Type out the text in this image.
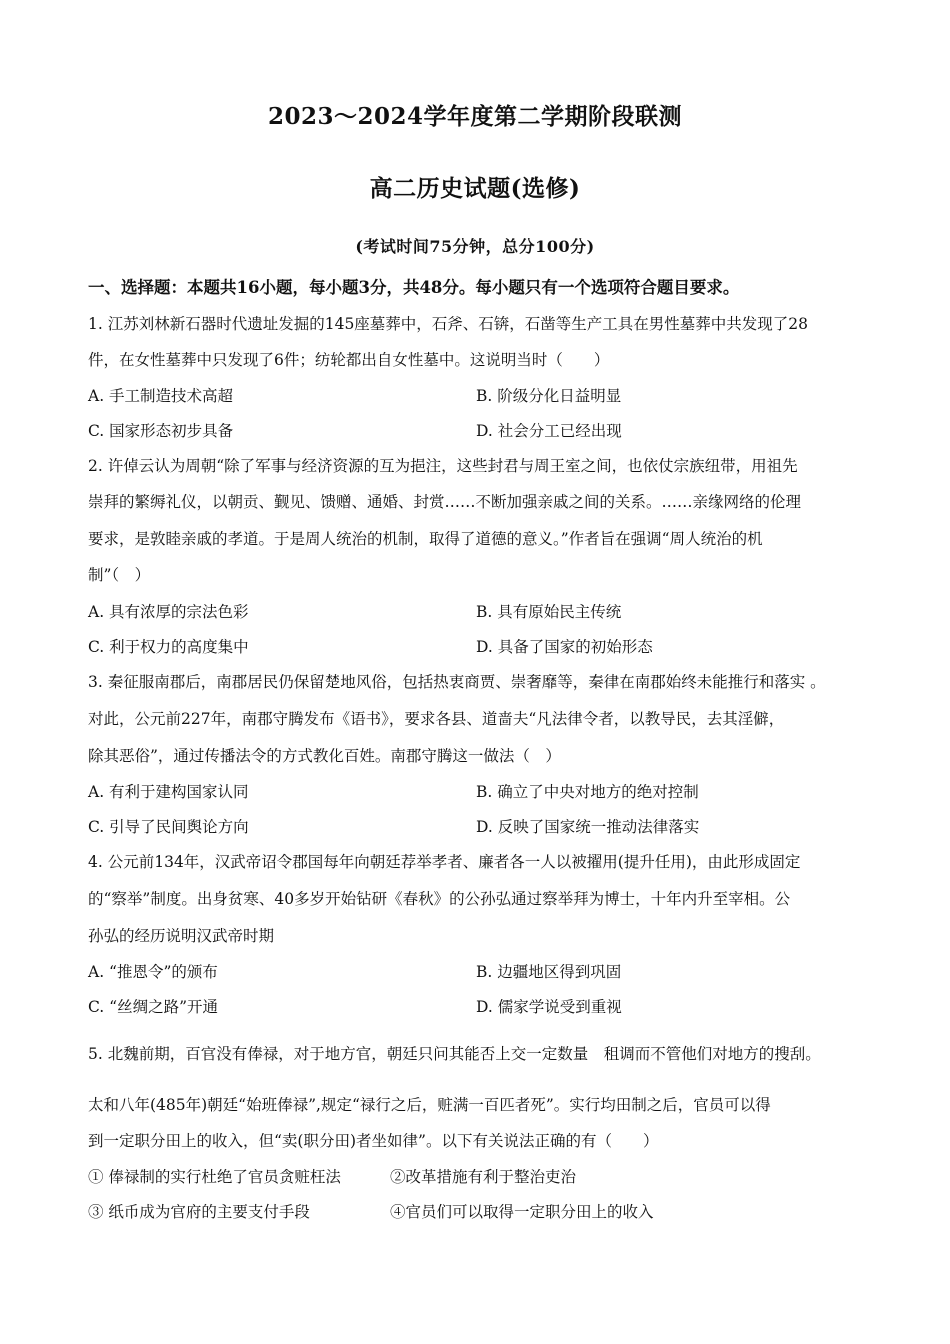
2023～2024学年度第二学期阶段联测
高二历史试题(选修)
(考试时间75分钟，总分100分)
一、选择题：本题共16小题，每小题3分，共48分。每小题只有一个选项符合题目要求。
1. 江苏刘林新石器时代遗址发掘的145座墓葬中，石斧、石锛，石凿等生产工具在男性墓葬中共发现了28
件，在女性墓葬中只发现了6件；纺轮都出自女性墓中。这说明当时（　　）
A. 手工制造技术高超	B. 阶级分化日益明显
C. 国家形态初步具备	D. 社会分工已经出现
2. 许倬云认为周朝“除了军事与经济资源的互为挹注，这些封君与周王室之间，也依仗宗族纽带，用祖先
崇拜的繁缛礼仪，以朝贡、觐见、馈赠、通婚、封赏……不断加强亲戚之间的关系。……亲缘网络的伦理
要求，是敦睦亲戚的孝道。于是周人统治的机制，取得了道德的意义。”作者旨在强调“周人统治的机
制”（　）
A. 具有浓厚的宗法色彩	B. 具有原始民主传统
C. 利于权力的高度集中	D. 具备了国家的初始形态
3. 秦征服南郡后，南郡居民仍保留楚地风俗，包括热衷商贾、崇奢靡等，秦律在南郡始终未能推行和落实 。
对此，公元前227年，南郡守腾发布《语书》，要求各县、道啬夫“凡法律令者，以教导民，去其淫僻，
除其恶俗”，通过传播法令的方式教化百姓。南郡守腾这一做法（　）
A. 有利于建构国家认同	B. 确立了中央对地方的绝对控制
C. 引导了民间舆论方向	D. 反映了国家统一推动法律落实
4. 公元前134年，汉武帝诏令郡国每年向朝廷荐举孝者、廉者各一人以被擢用(提升任用)，由此形成固定
的“察举”制度。出身贫寒、40多岁开始钻研《春秋》的公孙弘通过察举拜为博士，十年内升至宰相。公
孙弘的经历说明汉武帝时期
A. “推恩令”的颁布	B. 边疆地区得到巩固
C. “丝绸之路”开通	D. 儒家学说受到重视
5. 北魏前期，百官没有俸禄，对于地方官，朝廷只问其能否上交一定数量　租调而不管他们对地方的搜刮。
太和八年(485年)朝廷“始班俸禄”,规定“禄行之后，赃满一百匹者死”。实行均田制之后，官员可以得
到一定职分田上的收入，但“卖(职分田)者坐如律”。以下有关说法正确的有（　　）
① 俸禄制的实行杜绝了官员贪赃枉法	②改革措施有利于整治吏治
③ 纸币成为官府的主要支付手段	④官员们可以取得一定职分田上的收入
